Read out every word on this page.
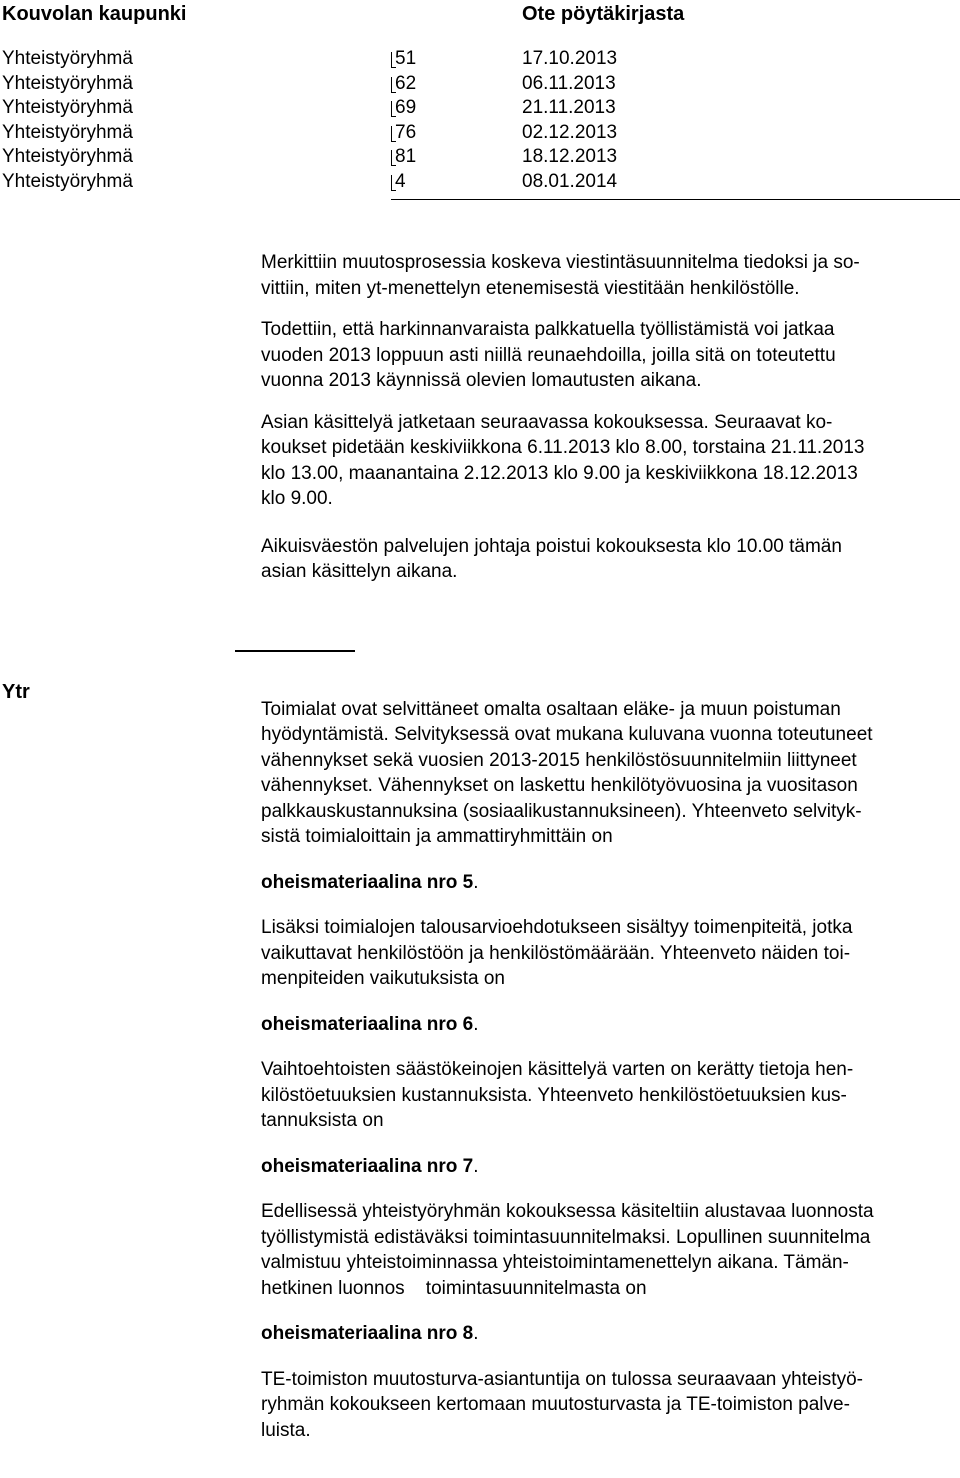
Kouvolan kaupunki	Ote pöytäkirjasta
Yhteistyöryhmä	51	17.10.2013
Yhteistyöryhmä	62	06.11.2013
Yhteistyöryhmä	69	21.11.2013
Yhteistyöryhmä	76	02.12.2013
Yhteistyöryhmä	81	18.12.2013
Yhteistyöryhmä	4	08.01.2014

Merkittiin muutosprosessia koskeva viestintäsuunnitelma tiedoksi ja so-
vittiin, miten yt-menettelyn etenemisestä viestitään henkilöstölle.

Todettiin, että harkinnanvaraista palkkatuella työllistämistä voi jatkaa
vuoden 2013 loppuun asti niillä reunaehdoilla, joilla sitä on toteutettu
vuonna 2013 käynnissä olevien lomautusten aikana.

Asian käsittelyä jatketaan seuraavassa kokouksessa. Seuraavat ko-
koukset pidetään keskiviikkona 6.11.2013 klo 8.00, torstaina 21.11.2013
klo 13.00, maanantaina 2.12.2013 klo 9.00 ja keskiviikkona 18.12.2013
klo 9.00.

Aikuisväestön palvelujen johtaja poistui kokouksesta klo 10.00 tämän
asian käsittelyn aikana.

Toimialat ovat selvittäneet omalta osaltaan eläke- ja muun poistuman
hyödyntämistä. Selvityksessä ovat mukana kuluvana vuonna toteutuneet
vähennykset sekä vuosien 2013-2015 henkilöstösuunnitelmiin liittyneet
vähennykset. Vähennykset on laskettu henkilötyövuosina ja vuositason
palkkauskustannuksina (sosiaalikustannuksineen). Yhteenveto selvityk-
sistä toimialoittain ja ammattiryhmittäin on

oheismateriaalina nro 5.

Lisäksi toimialojen talousarvioehdotukseen sisältyy toimenpiteitä, jotka
vaikuttavat henkilöstöön ja henkilöstömäärään. Yhteenveto näiden toi-
menpiteiden vaikutuksista on

oheismateriaalina nro 6.

Vaihtoehtoisten säästökeinojen käsittelyä varten on kerätty tietoja hen-
kilöstöetuuksien kustannuksista. Yhteenveto henkilöstöetuuksien kus-
tannuksista on

oheismateriaalina nro 7.

Edellisessä yhteistyöryhmän kokouksessa käsiteltiin alustavaa luonnosta
työllistymistä edistäväksi toimintasuunnitelmaksi. Lopullinen suunnitelma
valmistuu yhteistoiminnassa yhteistoimintamenettelyn aikana. Tämän-
hetkinen luonnos    toimintasuunnitelmasta on

oheismateriaalina nro 8.

TE-toimiston muutosturva-asiantuntija on tulossa seuraavaan yhteistyö-
ryhmän kokoukseen kertomaan muutosturvasta ja TE-toimiston palve-
luista.

Ytr
